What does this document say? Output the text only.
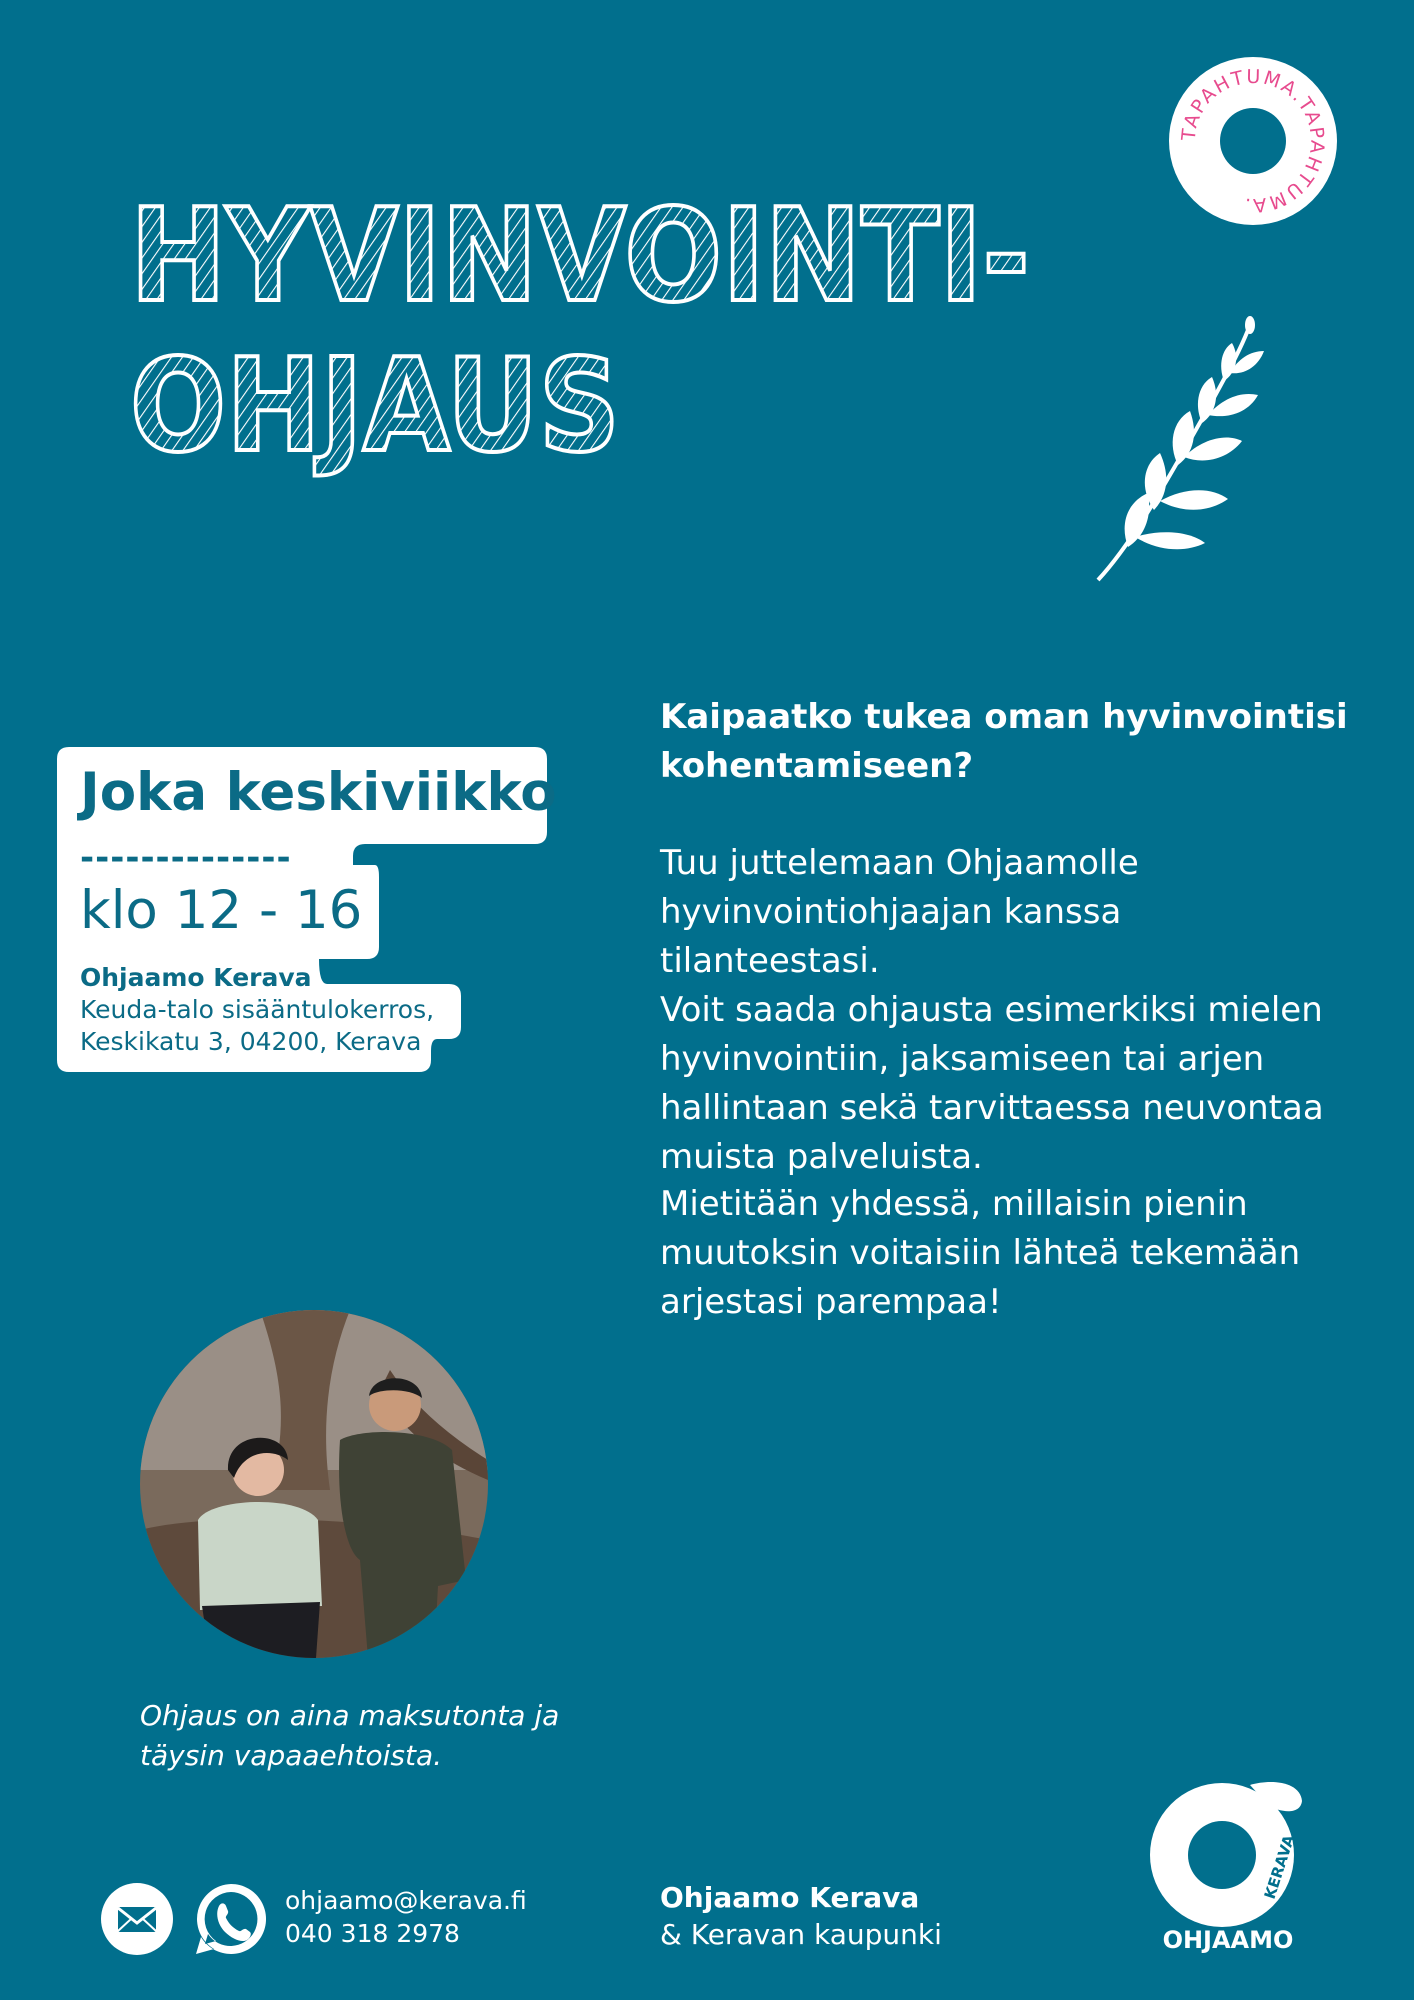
HYVINVOINTI-
OHJAUS
TAPAHTUMA.TAPAHTUMA.
Joka keskiviikko
--------------
klo 12 - 16
Ohjaamo Kerava
Keuda-talo sisääntulokerros,
Keskikatu 3, 04200, Kerava
Kaipaatko tukea oman hyvinvointisi
kohentamiseen?
Tuu juttelemaan Ohjaamolle
hyvinvointiohjaajan kanssa tilanteestasi.
Voit saada ohjausta esimerkiksi mielen
hyvinvointiin, jaksamiseen tai arjen
hallintaan sekä tarvittaessa neuvontaa
muista palveluista.
Mietitään yhdessä, millaisin pienin
muutoksin voitaisiin lähteä tekemään
arjestasi parempaa!
Ohjaus on aina maksutonta ja
täysin vapaaehtoista.
ohjaamo@kerava.fi
040 318 2978
Ohjaamo Kerava
& Keravan kaupunki
KERAVA
OHJAAMO
